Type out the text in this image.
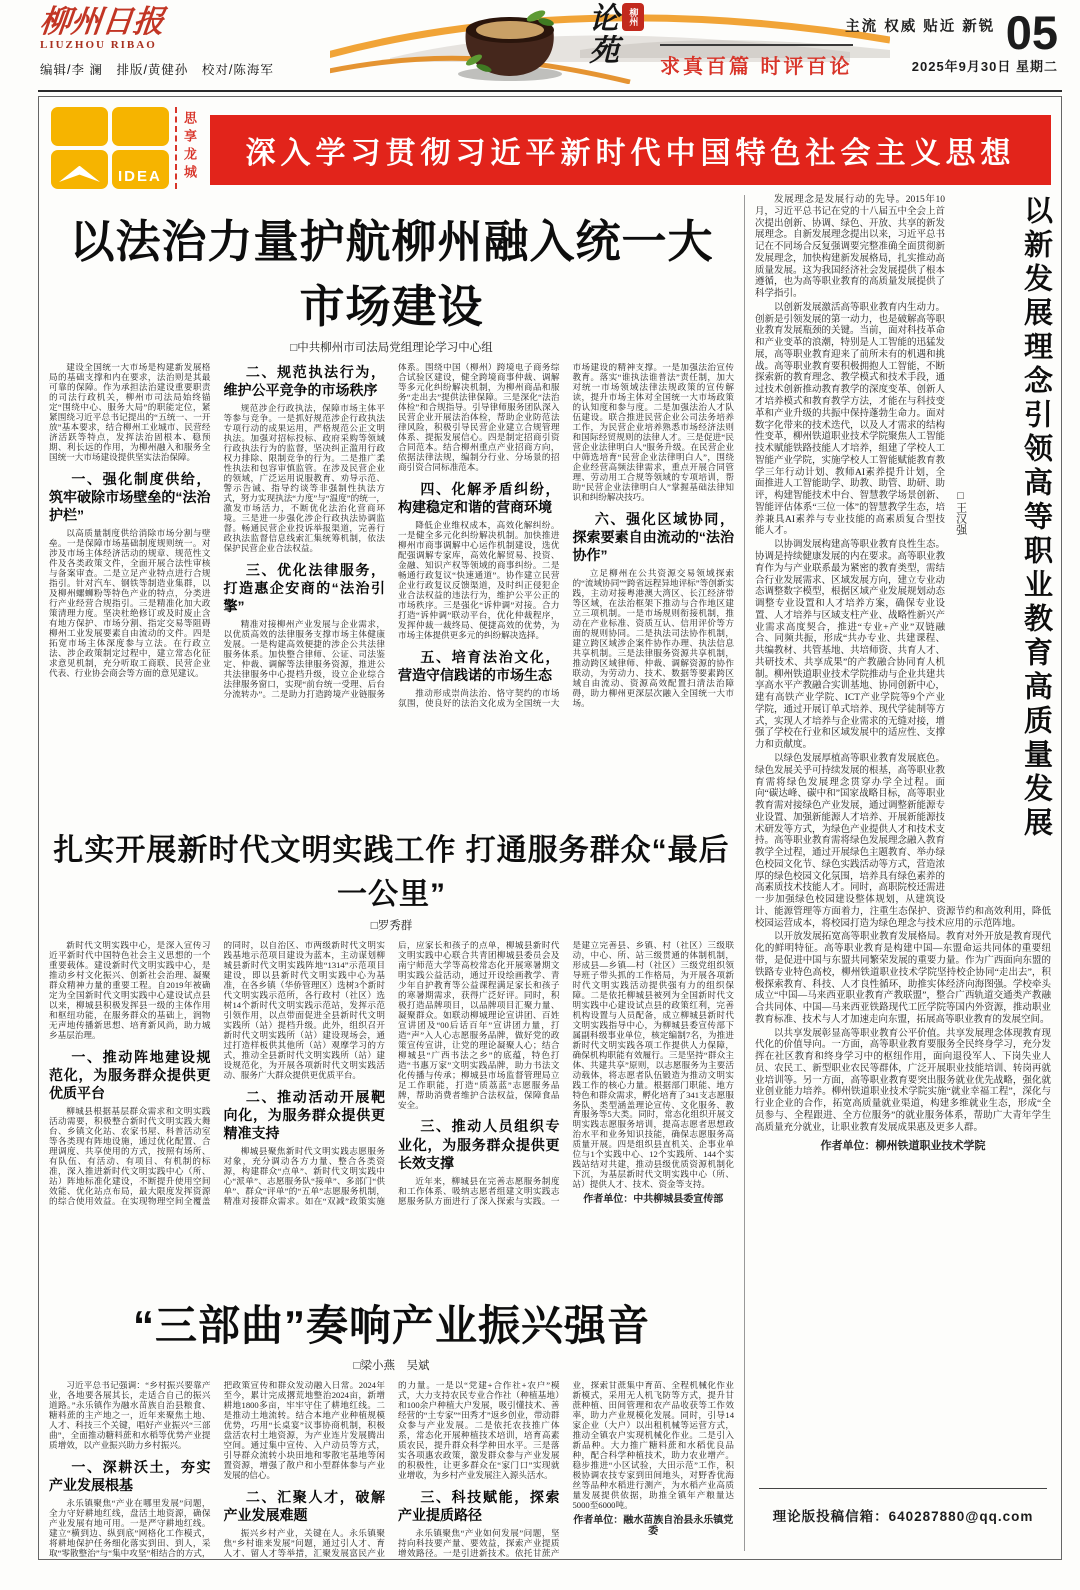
柳州日报
LIUZHOU RIBAO
编辑/李 澜　排版/黄健孙　校对/陈海军
论苑	柳州
求真百篇 时评百论
主流 权威 贴近 新锐 05
2025年9月30日 星期二
IDEA	思享龙城	深入学习贯彻习近平新时代中国特色社会主义思想
以法治力量护航柳州融入统一大市场建设
□中共柳州市司法局党组理论学习中心组

建设全国统一大市场是构建新发展格局的基础支撑和内在要求，法治则是其最可靠的保障。作为承担法治建设重要职责的司法行政机关，柳州市司法局始终锚定“围绕中心、服务大局”的职能定位，紧紧围绕习近平总书记提出的“五统一、一开放”基本要求，结合柳州工业城市、民营经济活跃等特点，发挥法治固根本、稳预期、利长远的作用，为柳州融入和服务全国统一大市场建设提供坚实法治保障。

一、强化制度供给，筑牢破除市场壁垒的“法治护栏”

以高质量制度供给消除市场分割与壁垒。一是保障市场基础制度规则统一。对涉及市场主体经济活动的规章、规范性文件及各类政策文件，全面开展合法性审核与备案审查。二是立足产业特点进行合规指引。针对汽车、钢铁等制造业集群，以及柳州螺蛳粉等特色产业的特点，分类进行产业经营合规指引。三是精准化加大政策清理力度。坚决杜绝修订或及时废止含有地方保护、市场分割、指定交易等阻碍柳州工业发展要素自由流动的文件。四是拓宽市场主体深度参与立法。在行政立法、涉企政策制定过程中，建立常态化征求意见机制，充分听取工商联、民营企业代表、行业协会商会等方面的意见建议。

二、规范执法行为，维护公平竞争的市场秩序

规范涉企行政执法，保障市场主体平等参与竞争。一是抓好规范涉企行政执法专项行动的成果运用，严格规范公正文明执法。加强对招标投标、政府采购等领域行政执法行为的监督，坚决纠正滥用行政权力排除、限制竞争的行为。二是推广柔性执法和包容审慎监管。在涉及民营企业的领域，广泛运用说服教育、劝导示范、警示告诫、指导约谈等非强制性执法方式，努力实现执法“力度”与“温度”的统一，激发市场活力，不断优化法治化营商环境。三是进一步强化涉企行政执法协调监督。畅通民营企业投诉举报渠道，完善行政执法监督信息线索汇集统筹机制，依法保护民营企业合法权益。

三、优化法律服务，打造惠企安商的“法治引擎”

精准对接柳州产业发展与企业需求，以优质高效的法律服务支撑市场主体健康发展。一是构建高效便捷的涉企公共法律服务体系。加快整合律师、公证、司法鉴定、仲裁、调解等法律服务资源，推进公共法律服务中心提档升级，设立企业综合法律服务窗口，实现“前台统一受理、后台分流转办”。二是助力打造跨境产业链服务体系。围绕中国（柳州）跨境电子商务综合试验区建设，健全跨境商事仲裁、调解等多元化纠纷解决机制，为柳州商品和服务“走出去”提供法律保障。三是深化“法治体检”和合规指导。引导律师服务团队深入民营企业开展法治体检，帮助企业防范法律风险，积极引导民营企业建立合规管理体系、提振发展信心。四是制定招商引资合同范本。结合柳州重点产业招商方向，依据法律法规，编制分行业、分场景的招商引资合同标准范本。

四、化解矛盾纠纷，构建稳定和谐的营商环境

降低企业维权成本，高效化解纠纷。一是健全多元化纠纷解决机制。加快推进柳州市商事调解中心运作机制建设，选优配强调解专家库，高效化解贸易、投资、金融、知识产权等领域的商事纠纷。二是畅通行政复议“快速通道”。协作建立民营企业行政复议反馈渠道，及时纠正侵犯企业合法权益的违法行为，维护公平公正的市场秩序。三是强化“诉仲调”对接。合力打造“诉仲调”联动平台，优化仲裁程序，发挥仲裁一裁终局、便捷高效的优势，为市场主体提供更多元的纠纷解决选择。

五、培育法治文化，营造守信践诺的市场生态

推动形成崇尚法治、恪守契约的市场氛围，使良好的法治文化成为全国统一大市场建设的精神支撑。一是加强法治宣传教育。落实“谁执法谁普法”责任制，加大对统一市场领域法律法规政策的宣传解读，提升市场主体对全国统一大市场政策的认知度和参与度。二是加强法治人才队伍建设。联合推进民营企业公司法务培养工作，为民营企业培养熟悉市场经济法则和国际经贸规则的法律人才。三是促进“民营企业法律明白人”服务升级。在民营企业中筛选培育“民营企业法律明白人”，围绕企业经营高频法律需求，重点开展合同管理、劳动用工合规等领域的专项培训，帮助“民营企业法律明白人”掌握基础法律知识和纠纷解决技巧。

六、强化区域协同，探索要素自由流动的“法治协作”

立足柳州在公共资源交易领域探索的“流域协同”“跨省远程异地评标”等创新实践，主动对接粤港澳大湾区、长江经济带等区域，在法治框架下推动与合作地区建立三项机制。一是市场规则衔接机制，推动在产业标准、资质互认、信用评价等方面的规则协同。二是执法司法协作机制，建立跨区域涉企案件协作办理、执法信息共享机制。三是法律服务资源共享机制，推动跨区域律师、仲裁、调解资源的协作联动，为劳动力、技术、数据等要素跨区域自由流动、资源高效配置扫清法治障碍，助力柳州更深层次融入全国统一大市场。

扎实开展新时代文明实践工作 打通服务群众“最后一公里”
□罗秀群

新时代文明实践中心，是深入宣传习近平新时代中国特色社会主义思想的一个重要载体。建设新时代文明实践中心，是推动乡村文化振兴、创新社会治理、凝聚群众精神力量的重要工程。自2019年被确定为全国新时代文明实践中心建设试点县以来，柳城县积极发挥县一级的主体作用和枢纽功能，在服务群众的基础上，润物无声地传播新思想、培育新风尚，助力城乡基层治理。

一、推动阵地建设规范化，为服务群众提供更优质平台

柳城县根据基层群众需求和文明实践活动需要，积极整合新时代文明实践大舞台、乡镇文化站、农家书屋、科普活动室等各类现有阵地设施，通过优化配置、合理调度、共享使用的方式，按照有场所、有队伍、有活动、有项目、有机制的标准，深入推进新时代文明实践中心（所、站）阵地标准化建设，不断提升使用空间效能、优化站点布局，最大限度发挥资源的综合使用效益。在实现物理空间全覆盖的同时，以自治区、市两级新时代文明实践基地示范项目建设为蓝本，主动谋划柳城县新时代文明实践阵地“1314”示范项目建设，即以县新时代文明实践中心为基准，在各乡镇（华侨管理区）选树3个新时代文明实践示范所，各行政村（社区）选树14个新时代文明实践示范站，发挥示范引领作用，以点带面促进全县新时代文明实践所（站）提档升级。此外，组织召开新时代文明实践所（站）建设现场会，通过打造样板供其他所（站）观摩学习的方式，推动全县新时代文明实践所（站）建设规范化，为开展各项新时代文明实践活动、服务广大群众提供更优质平台。

二、推动活动开展靶向化，为服务群众提供更精准支持

柳城县聚焦新时代文明实践志愿服务对象，充分调动各方力量、整合各类资源，构建群众“点单”、新时代文明实践中心“派单”、志愿服务队“接单”、多部门“供单”、群众“评单”的“五单”志愿服务机制，精准对接群众需求。如在“双减”政策实施后，应家长和孩子的点单，柳城县新时代文明实践中心联合共青团柳城县委员会及南宁师范大学等高校常态化开展寒暑期文明实践公益活动，通过开设绘画教学、青少年自护教育等公益课程满足家长和孩子的寒暑期需求，获得广泛好评。同时，积极打造品牌项目，以品牌项目汇聚力量、凝聚群众。如联动柳城理论宣讲团、百姓宣讲团及“00后话百年”宣讲团力量，打造“声”入人心志愿服务品牌，做好党的政策宣传宣讲，让党的理论凝聚人心；结合柳城县“广西书法之乡”的底蕴，特色打造“书惠万家”文明实践品牌，助力书法文化传播与传承；柳城县市场监督管理局立足工作职能，打造“质荔蓝”志愿服务品牌，帮助消费者维护合法权益，保障食品安全。

三、推动人员组织专业化，为服务群众提供更长效支撑

近年来，柳城县在完善志愿服务制度和工作体系、吸纳志愿者组建文明实践志愿服务队方面进行了深入探索与实践。一是建立完善县、乡镇、村（社区）三级联动，中心、所、站三级贯通的体制机制，形成县—乡镇—村（社区）三级党组织领导班子带头抓的工作格局，为开展各项新时代文明实践活动提供强有力的组织保障。二是依托柳城县被列为全国新时代文明实践中心建设试点县的政策红利，完善机构设置与人员配备，成立柳城县新时代文明实践指导中心，为柳城县委宣传部下属副科级事业单位，核定编制7名，为推进新时代文明实践各项工作提供人力保障，确保机构职能有效履行。三是坚持“群众主体、共建共享”原则，以志愿服务为主要活动载体，将志愿者队伍锻造为推动文明实践工作的核心力量。根据部门职能、地方特色和群众需求，孵化培育了341支志愿服务队，类型涵盖理论宣传、文化服务、教育服务等5大类。同时，常态化组织开展文明实践志愿服务培训，提高志愿者思想政治水平和业务知识技能，确保志愿服务高质量开展。四是组织县直机关、企事业单位与1个实践中心、12个实践所、144个实践站结对共建，推动县级优质资源机制化下沉，为基层新时代文明实践中心（所、站）提供人才、技术、资金等支持。

作者单位：中共柳城县委宣传部
“三部曲”奏响产业振兴强音
□梁小燕　吴斌

习近平总书记强调：“乡村振兴要靠产业，各地要各展其长，走适合自己的振兴道路。”永乐镇作为融水苗族自治县粮食、糖料蔗的主产地之一，近年来聚焦土地、人才、科技三个关键，唱好产业振兴“三部曲”，全面推动糖料蔗和水稻等优势产业提质增效，以产业振兴助力乡村振兴。

一、深耕沃土，夯实产业发展根基

永乐镇聚焦“产业在哪里发展”问题，全力守好耕地红线，盘活土地资源，确保产业发展有地可用。一是严守耕地红线。建立“横到边、纵到底”网格化工作模式，将耕地保护任务细化落实到田、到人，采取“零散整治”与“集中攻坚”相结合的方式，把政策宣传和群众发动融入日常。2024年至今，累计完成撂荒地整治2024亩，新增耕地1800多亩，牢牢守住了耕地红线。二是推动土地流转。结合本地产业种植规模优势，巧用“长桌宴”议事协商机制，积极盘活农村土地资源，为产业连片发展腾出空间。通过集中宣传、入户动员等方式，引导群众流转小块田地和零散宅基地等闲置资源，增强了散户和小型群体参与产业发展的信心。

二、汇聚人才，破解产业发展难题

振兴乡村产业，关键在人。永乐镇聚焦“乡村谁来发展”问题，通过引人才、育人才、留人才等举措，汇聚发展富民产业的力量。一是以“党建+合作社+农户”模式，大力支持农民专业合作社（种植基地）和100余户种植大户发展，吸引懂技术、善经营的“土专家”“田秀才”返乡创业，带动群众参与产业发展。二是依托农技推广体系，常态化开展种植技术培训，培育高素质农民，提升群众科学种田水平。三是落实各项惠农政策，激发群众参与产业发展的积极性，让更多群众在“家门口”实现就业增收，为乡村产业发展注入源头活水。

三、科技赋能，探索产业提质路径

永乐镇聚焦“产业如何发展”问题，坚持向科技要产量、要效益，探索产业提质增效路径。一是引进新技术。依托甘蔗产业，探索甘蔗集中育苗、全程机械化作业新模式，采用无人机飞防等方式，提升甘蔗种植、田间管理和农产品收获等工作效率，助力产业规模化发展。同时，引导14家企业（大户）以出租机械等运营方式，推动全镇农户实现机械化作业。二是引入新品种。大力推广糖料蔗和水稻优良品种，配合科学种植技术，助力农业增产。稳步推进“小区试验，大田示范”工作，积极协调农技专家到田间地头，对野香优海丝等品种水稻进行测产，为水稻产业高质量发展提供依据，助推全镇年产粮量达5000至6000吨。

作者单位：融水苗族自治县永乐镇党委
以新发展理念引领高等职业教育高质量发展
□王汉强

发展理念是发展行动的先导。2015年10月，习近平总书记在党的十八届五中全会上首次提出创新、协调、绿色、开放、共享的新发展理念。自新发展理念提出以来，习近平总书记在不同场合反复强调要完整准确全面贯彻新发展理念，加快构建新发展格局，扎实推动高质量发展。这为我国经济社会发展提供了根本遵循，也为高等职业教育的高质量发展提供了科学指引。

以创新发展激活高等职业教育内生动力。创新是引领发展的第一动力，也是破解高等职业教育发展瓶颈的关键。当前，面对科技革命和产业变革的浪潮，特别是人工智能的迅猛发展，高等职业教育迎来了前所未有的机遇和挑战。高等职业教育要积极拥抱人工智能，不断探索新的教育理念、教学模式和技术手段，通过技术创新推动教育教学的深度变革、创新人才培养模式和教育教学方法，才能在与科技变革和产业升级的共振中保持蓬勃生命力。面对数字化带来的技术迭代，以及人才需求的结构性变革，柳州铁道职业技术学院聚焦人工智能技术赋能铁路技能人才培养，组建了学校人工智能产业学院，实施学校人工智能赋能教育教学三年行动计划、教师AI素养提升计划，全面推进人工智能助学、助教、助管、助研、助评，构建智能技术中台、智慧教学场景创新、智能评估体系“三位一体”的智慧教学生态，培养兼具AI素养与专业技能的高素质复合型技能人才。

以协调发展构建高等职业教育良性生态。协调是持续健康发展的内在要求。高等职业教育作为与产业联系最为紧密的教育类型，需结合行业发展需求、区域发展方向，建立专业动态调整数字模型，根据区域产业发展规划动态调整专业设置和人才培养方案，确保专业设置、人才培养与区域支柱产业、战略性新兴产业需求高度契合，推进“专业+产业”双链融合、同频共振，形成“共办专业、共建课程、共编教材、共管基地、共培师资、共育人才、共研技术、共享成果”的产教融合协同育人机制。柳州铁道职业技术学院推动与企业共建共享高水平产教融合实训基地、协同创新中心，建有高铁产业学院、ICT产业学院等9个产业学院，通过开展订单式培养、现代学徒制等方式，实现人才培养与企业需求的无缝对接，增强了学校在行业和区域发展中的适应性、支撑力和贡献度。

以绿色发展厚植高等职业教育发展底色。绿色发展关乎可持续发展的根基，高等职业教育需将绿色发展理念贯穿办学全过程。面向“碳达峰、碳中和”国家战略目标，高等职业教育需对接绿色产业发展，通过调整新能源专业设置、加强新能源人才培养、开展新能源技术研发等方式，为绿色产业提供人才和技术支持。高等职业教育需将绿色发展理念融入教育教学全过程，通过开展绿色主题教育、举办绿色校园文化节、绿色实践活动等方式，营造浓厚的绿色校园文化氛围，培养具有绿色素养的高素质技术技能人才。同时，高职院校还需进一步加强绿色校园建设整体规划，从建筑设计、能源管理等方面着力，注重生态保护、资源节约和高效利用，降低校园运营成本，将校园打造为绿色理念与技术应用的示范阵地。

以开放发展拓宽高等职业教育发展格局。教育对外开放是教育现代化的鲜明特征。高等职业教育是构建中国—东盟命运共同体的重要纽带，是促进中国与东盟共同繁荣发展的重要力量。作为广西面向东盟的铁路专业特色高校，柳州铁道职业技术学院坚持校企协同“走出去”，积极探索教育、科技、人才良性循环，助推实体经济向海图强。学校牵头成立“中国—马来西亚职业教育产教联盟”，整合广西轨道交通类产教融合共同体、中国—马来西亚铁路现代工匠学院等国内外资源，推动职业教育标准、技术与人才加速走向东盟，拓展高等职业教育的发展空间。

以共享发展彰显高等职业教育公平价值。共享发展理念体现教育现代化的价值导向。一方面，高等职业教育要服务全民终身学习，充分发挥在社区教育和终身学习中的枢纽作用，面向退役军人、下岗失业人员、农民工、新型职业农民等群体，广泛开展职业技能培训、转岗再就业培训等。另一方面，高等职业教育要突出服务就业优先战略，强化就业创业能力培养。柳州铁道职业技术学院实施“就业幸福工程”，深化与行业企业的合作，拓宽高质量就业渠道，构建多维就业生态，形成“全员参与、全程跟进、全方位服务”的就业服务体系，帮助广大青年学生高质量充分就业，让职业教育发展成果惠及更多人群。

作者单位：柳州铁道职业技术学院
理论版投稿信箱：640287880@qq.com
